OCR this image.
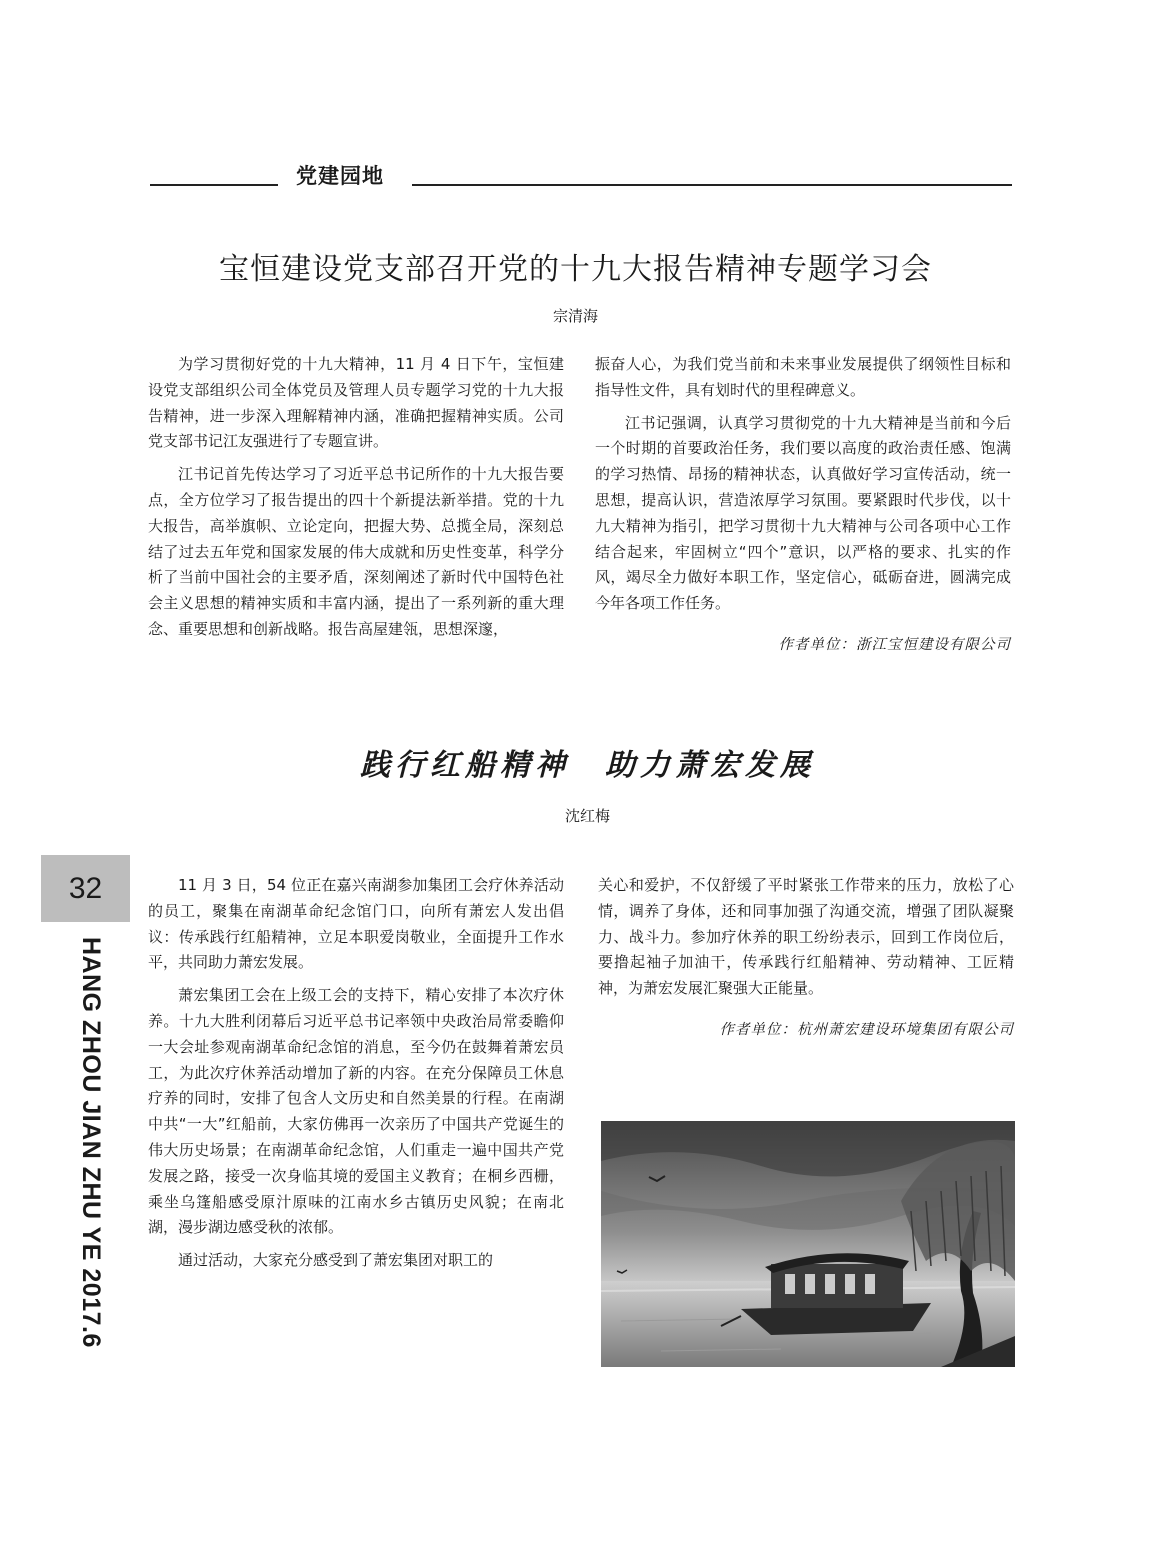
党建园地
宝恒建设党支部召开党的十九大报告精神专题学习会
宗清海

为学习贯彻好党的十九大精神，11 月 4 日下午，宝恒建设党支部组织公司全体党员及管理人员专题学习党的十九大报告精神，进一步深入理解精神内涵，准确把握精神实质。公司党支部书记江友强进行了专题宣讲。

江书记首先传达学习了习近平总书记所作的十九大报告要点，全方位学习了报告提出的四十个新提法新举措。党的十九大报告，高举旗帜、立论定向，把握大势、总揽全局，深刻总结了过去五年党和国家发展的伟大成就和历史性变革，科学分析了当前中国社会的主要矛盾，深刻阐述了新时代中国特色社会主义思想的精神实质和丰富内涵，提出了一系列新的重大理念、重要思想和创新战略。报告高屋建瓴，思想深邃，

振奋人心，为我们党当前和未来事业发展提供了纲领性目标和指导性文件，具有划时代的里程碑意义。

江书记强调，认真学习贯彻党的十九大精神是当前和今后一个时期的首要政治任务，我们要以高度的政治责任感、饱满的学习热情、昂扬的精神状态，认真做好学习宣传活动，统一思想，提高认识，营造浓厚学习氛围。要紧跟时代步伐，以十九大精神为指引，把学习贯彻十九大精神与公司各项中心工作结合起来，牢固树立“四个”意识，以严格的要求、扎实的作风，竭尽全力做好本职工作，坚定信心，砥砺奋进，圆满完成今年各项工作任务。

作者单位：浙江宝恒建设有限公司
践行红船精神　助力萧宏发展
沈红梅

11 月 3 日，54 位正在嘉兴南湖参加集团工会疗休养活动的员工，聚集在南湖革命纪念馆门口，向所有萧宏人发出倡议：传承践行红船精神，立足本职爱岗敬业，全面提升工作水平，共同助力萧宏发展。

萧宏集团工会在上级工会的支持下，精心安排了本次疗休养。十九大胜利闭幕后习近平总书记率领中央政治局常委瞻仰一大会址参观南湖革命纪念馆的消息，至今仍在鼓舞着萧宏员工，为此次疗休养活动增加了新的内容。在充分保障员工休息疗养的同时，安排了包含人文历史和自然美景的行程。在南湖中共“一大”红船前，大家仿佛再一次亲历了中国共产党诞生的伟大历史场景；在南湖革命纪念馆，人们重走一遍中国共产党发展之路，接受一次身临其境的爱国主义教育；在桐乡西栅，乘坐乌篷船感受原汁原味的江南水乡古镇历史风貌；在南北湖，漫步湖边感受秋的浓郁。

通过活动，大家充分感受到了萧宏集团对职工的

关心和爱护，不仅舒缓了平时紧张工作带来的压力，放松了心情，调养了身体，还和同事加强了沟通交流，增强了团队凝聚力、战斗力。参加疗休养的职工纷纷表示，回到工作岗位后，要撸起袖子加油干，传承践行红船精神、劳动精神、工匠精神，为萧宏发展汇聚强大正能量。

作者单位：杭州萧宏建设环境集团有限公司
32
HANG ZHOU JIAN ZHU YE 2017.6
